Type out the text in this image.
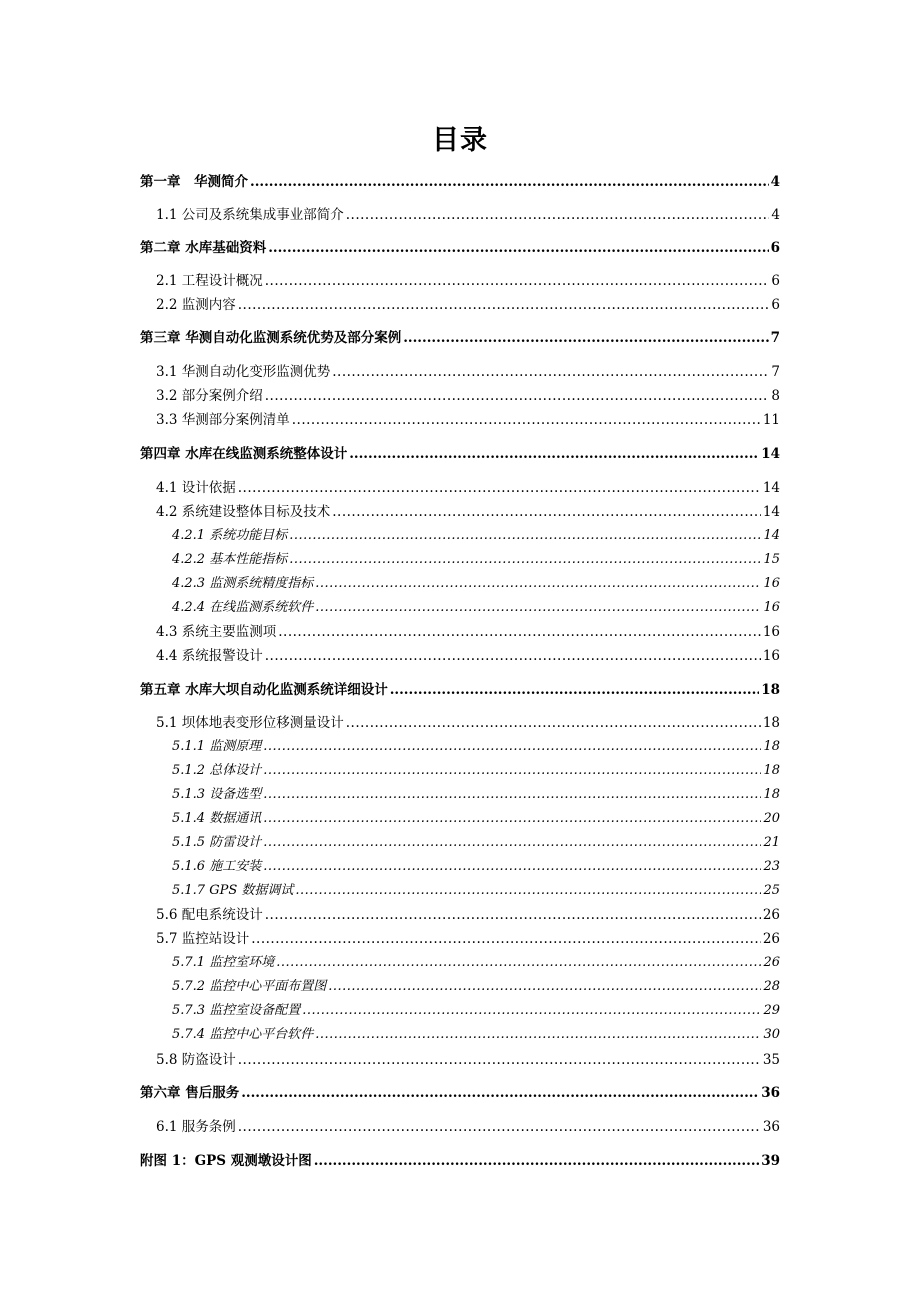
目录
第一章　华测简介 .....	4
1.1 公司及系统集成事业部简介 .....	4
第二章 水库基础资料 .....	6
2.1 工程设计概况 .....	6
2.2 监测内容 .....	6
第三章 华测自动化监测系统优势及部分案例 .....	7
3.1 华测自动化变形监测优势 .....	7
3.2 部分案例介绍 .....	8
3.3 华测部分案例清单 .....	11
第四章 水库在线监测系统整体设计 .....	14
4.1 设计依据 .....	14
4.2 系统建设整体目标及技术 .....	14
4.2.1 系统功能目标 .....	14
4.2.2 基本性能指标 .....	15
4.2.3 监测系统精度指标 .....	16
4.2.4 在线监测系统软件 .....	16
4.3 系统主要监测项 .....	16
4.4 系统报警设计 .....	16
第五章 水库大坝自动化监测系统详细设计 .....	18
5.1 坝体地表变形位移测量设计 .....	18
5.1.1 监测原理 .....	18
5.1.2 总体设计 .....	18
5.1.3 设备选型 .....	18
5.1.4 数据通讯 .....	20
5.1.5 防雷设计 .....	21
5.1.6 施工安装 .....	23
5.1.7 GPS 数据调试 .....	25
5.6 配电系统设计 .....	26
5.7 监控站设计 .....	26
5.7.1 监控室环境 .....	26
5.7.2 监控中心平面布置图 .....	28
5.7.3 监控室设备配置 .....	29
5.7.4 监控中心平台软件 .....	30
5.8 防盗设计 .....	35
第六章 售后服务 .....	36
6.1 服务条例 .....	36
附图 1：GPS 观测墩设计图 .....	39
